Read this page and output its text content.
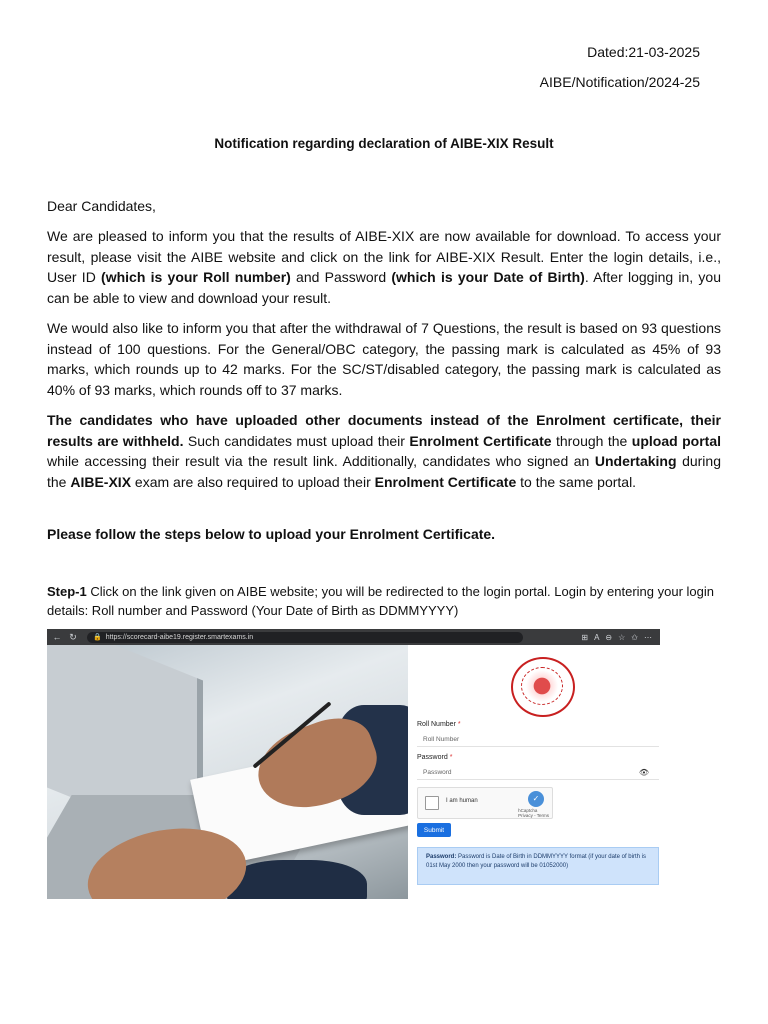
Dated:21-03-2025
AIBE/Notification/2024-25
Notification regarding declaration of AIBE-XIX Result
Dear Candidates,
We are pleased to inform you that the results of AIBE-XIX are now available for download. To access your result, please visit the AIBE website and click on the link for AIBE-XIX Result. Enter the login details, i.e., User ID (which is your Roll number) and Password (which is your Date of Birth). After logging in, you can be able to view and download your result.
We would also like to inform you that after the withdrawal of 7 Questions, the result is based on 93 questions instead of 100 questions. For the General/OBC category, the passing mark is calculated as 45% of 93 marks, which rounds up to 42 marks. For the SC/ST/disabled category, the passing mark is calculated as 40% of 93 marks, which rounds off to 37 marks.
The candidates who have uploaded other documents instead of the Enrolment certificate, their results are withheld. Such candidates must upload their Enrolment Certificate through the upload portal while accessing their result via the result link. Additionally, candidates who signed an Undertaking during the AIBE-XIX exam are also required to upload their Enrolment Certificate to the same portal.
Please follow the steps below to upload your Enrolment Certificate.
Step-1 Click on the link given on AIBE website; you will be redirected to the login portal. Login by entering your login details: Roll number and Password (Your Date of Birth as DDMMYYYY)
← ↻	🔒 https://scorecard-aibe19.register.smartexams.in	⊞ A ⊖ ☆ ✩ ⋯
Roll Number *
Roll Number
Password *
Password	👁
I am human	✓
hCaptcha
Privacy - Terms
Submit
Password: Password is Date of Birth in DDMMYYYY format (if your date of birth is 01st May 2000 then your password will be 01052000)
